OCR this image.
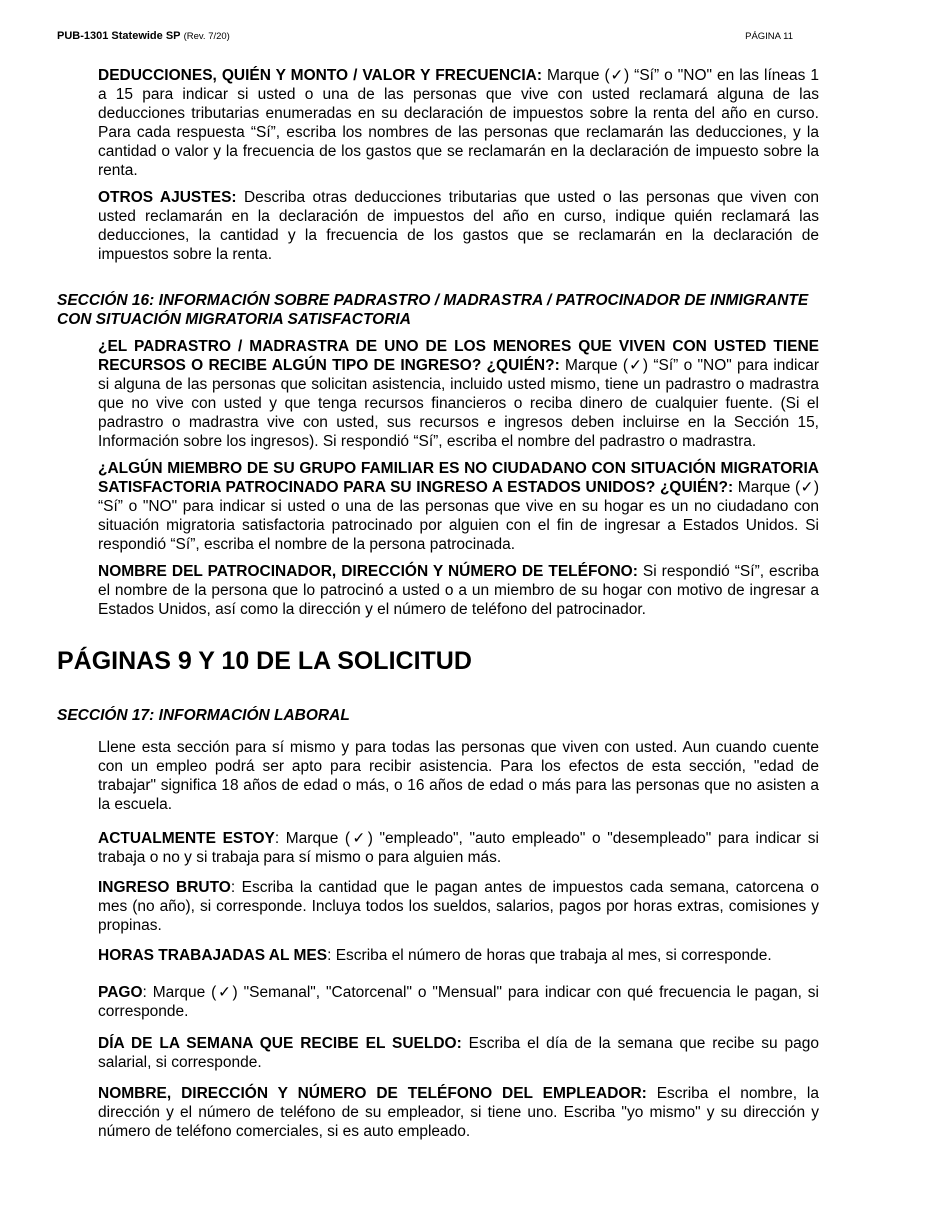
PUB-1301 Statewide SP (Rev. 7/20)	PÁGINA 11

DEDUCCIONES, QUIÉN Y MONTO / VALOR Y FRECUENCIA: Marque (✓) “Sí” o "NO" en las líneas 1 a 15 para indicar si usted o una de las personas que vive con usted reclamará alguna de las deducciones tributarias enumeradas en su declaración de impuestos sobre la renta del año en curso. Para cada respuesta “Sí”, escriba los nombres de las personas que reclamarán las deducciones, y la cantidad o valor y la frecuencia de los gastos que se reclamarán en la declaración de impuesto sobre la renta.

OTROS AJUSTES: Describa otras deducciones tributarias que usted o las personas que viven con usted reclamarán en la declaración de impuestos del año en curso, indique quién reclamará las deducciones, la cantidad y la frecuencia de los gastos que se reclamarán en la declaración de impuestos sobre la renta.

SECCIÓN 16: INFORMACIÓN SOBRE PADRASTRO / MADRASTRA / PATROCINADOR DE INMIGRANTE CON SITUACIÓN MIGRATORIA SATISFACTORIA

¿EL PADRASTRO / MADRASTRA DE UNO DE LOS MENORES QUE VIVEN CON USTED TIENE RECURSOS O RECIBE ALGÚN TIPO DE INGRESO? ¿QUIÉN?: Marque (✓) “Sí” o "NO" para indicar si alguna de las personas que solicitan asistencia, incluido usted mismo, tiene un padrastro o madrastra que no vive con usted y que tenga recursos financieros o reciba dinero de cualquier fuente. (Si el padrastro o madrastra vive con usted, sus recursos e ingresos deben incluirse en la Sección 15, Información sobre los ingresos). Si respondió “Sí”, escriba el nombre del padrastro o madrastra.

¿ALGÚN MIEMBRO DE SU GRUPO FAMILIAR ES NO CIUDADANO CON SITUACIÓN MIGRATORIA SATISFACTORIA PATROCINADO PARA SU INGRESO A ESTADOS UNIDOS? ¿QUIÉN?: Marque (✓) “Sí” o "NO" para indicar si usted o una de las personas que vive en su hogar es un no ciudadano con situación migratoria satisfactoria patrocinado por alguien con el fin de ingresar a Estados Unidos. Si respondió “Sí”, escriba el nombre de la persona patrocinada.

NOMBRE DEL PATROCINADOR, DIRECCIÓN Y NÚMERO DE TELÉFONO: Si respondió “Sí”, escriba el nombre de la persona que lo patrocinó a usted o a un miembro de su hogar con motivo de ingresar a Estados Unidos, así como la dirección y el número de teléfono del patrocinador.

PÁGINAS 9 Y 10 DE LA SOLICITUD

SECCIÓN 17: INFORMACIÓN LABORAL

Llene esta sección para sí mismo y para todas las personas que viven con usted. Aun cuando cuente con un empleo podrá ser apto para recibir asistencia. Para los efectos de esta sección, "edad de trabajar" significa 18 años de edad o más, o 16 años de edad o más para las personas que no asisten a la escuela.

ACTUALMENTE ESTOY: Marque (✓) "empleado", "auto empleado" o "desempleado" para indicar si trabaja o no y si trabaja para sí mismo o para alguien más.

INGRESO BRUTO: Escriba la cantidad que le pagan antes de impuestos cada semana, catorcena o mes (no año), si corresponde. Incluya todos los sueldos, salarios, pagos por horas extras, comisiones y propinas.

HORAS TRABAJADAS AL MES: Escriba el número de horas que trabaja al mes, si corresponde.

PAGO: Marque (✓) "Semanal", "Catorcenal" o "Mensual" para indicar con qué frecuencia le pagan, si corresponde.

DÍA DE LA SEMANA QUE RECIBE EL SUELDO: Escriba el día de la semana que recibe su pago salarial, si corresponde.

NOMBRE, DIRECCIÓN Y NÚMERO DE TELÉFONO DEL EMPLEADOR: Escriba el nombre, la dirección y el número de teléfono de su empleador, si tiene uno. Escriba "yo mismo" y su dirección y número de teléfono comerciales, si es auto empleado.
